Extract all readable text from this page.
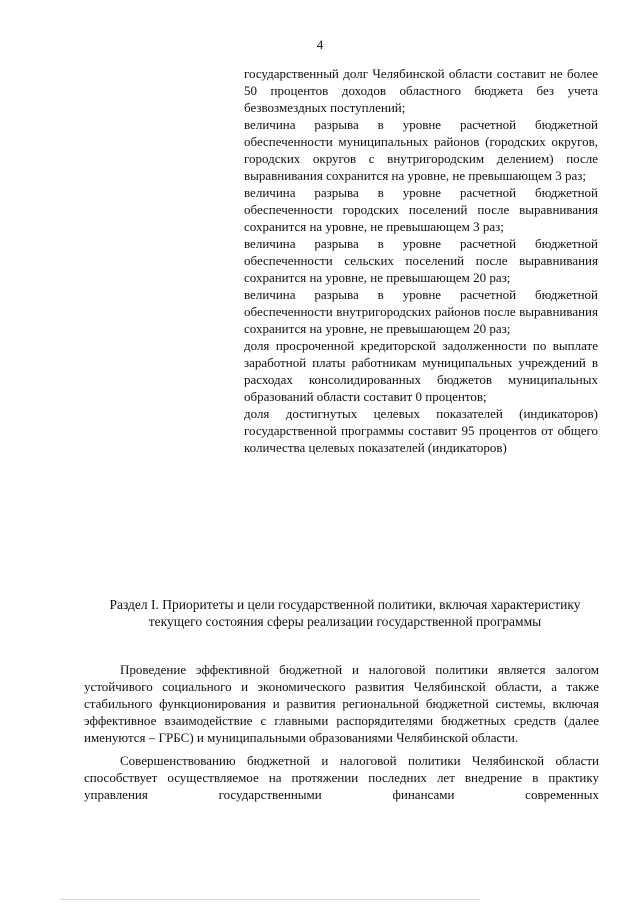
4

государственный долг Челябинской области составит не более 50 процентов доходов областного бюджета без учета безвозмездных поступлений;

величина разрыва в уровне расчетной бюджетной обеспеченности муниципальных районов (городских округов, городских округов с внутригородским делением) после выравнивания сохранится на уровне, не превышающем 3 раз;

величина разрыва в уровне расчетной бюджетной обеспеченности городских поселений после выравнивания сохранится на уровне, не превышающем 3 раз;

величина разрыва в уровне расчетной бюджетной обеспеченности сельских поселений после выравнивания сохранится на уровне, не превышающем 20 раз;

величина разрыва в уровне расчетной бюджетной обеспеченности внутригородских районов после выравнивания сохранится на уровне, не превышающем 20 раз;

доля просроченной кредиторской задолженности по выплате заработной платы работникам муниципальных учреждений в расходах консолидированных бюджетов муниципальных образований области составит 0 процентов;

доля достигнутых целевых показателей (индикаторов) государственной программы составит 95 процентов от общего количества целевых показателей (индикаторов)

Раздел I. Приоритеты и цели государственной политики, включая характеристику текущего состояния сферы реализации государственной программы

Проведение эффективной бюджетной и налоговой политики является залогом устойчивого социального и экономического развития Челябинской области, а также стабильного функционирования и развития региональной бюджетной системы, включая эффективное взаимодействие с главными распорядителями бюджетных средств (далее именуются – ГРБС) и муниципальными образованиями Челябинской области.

Совершенствованию бюджетной и налоговой политики Челябинской области способствует осуществляемое на протяжении последних лет внедрение в практику управления государственными финансами современных
